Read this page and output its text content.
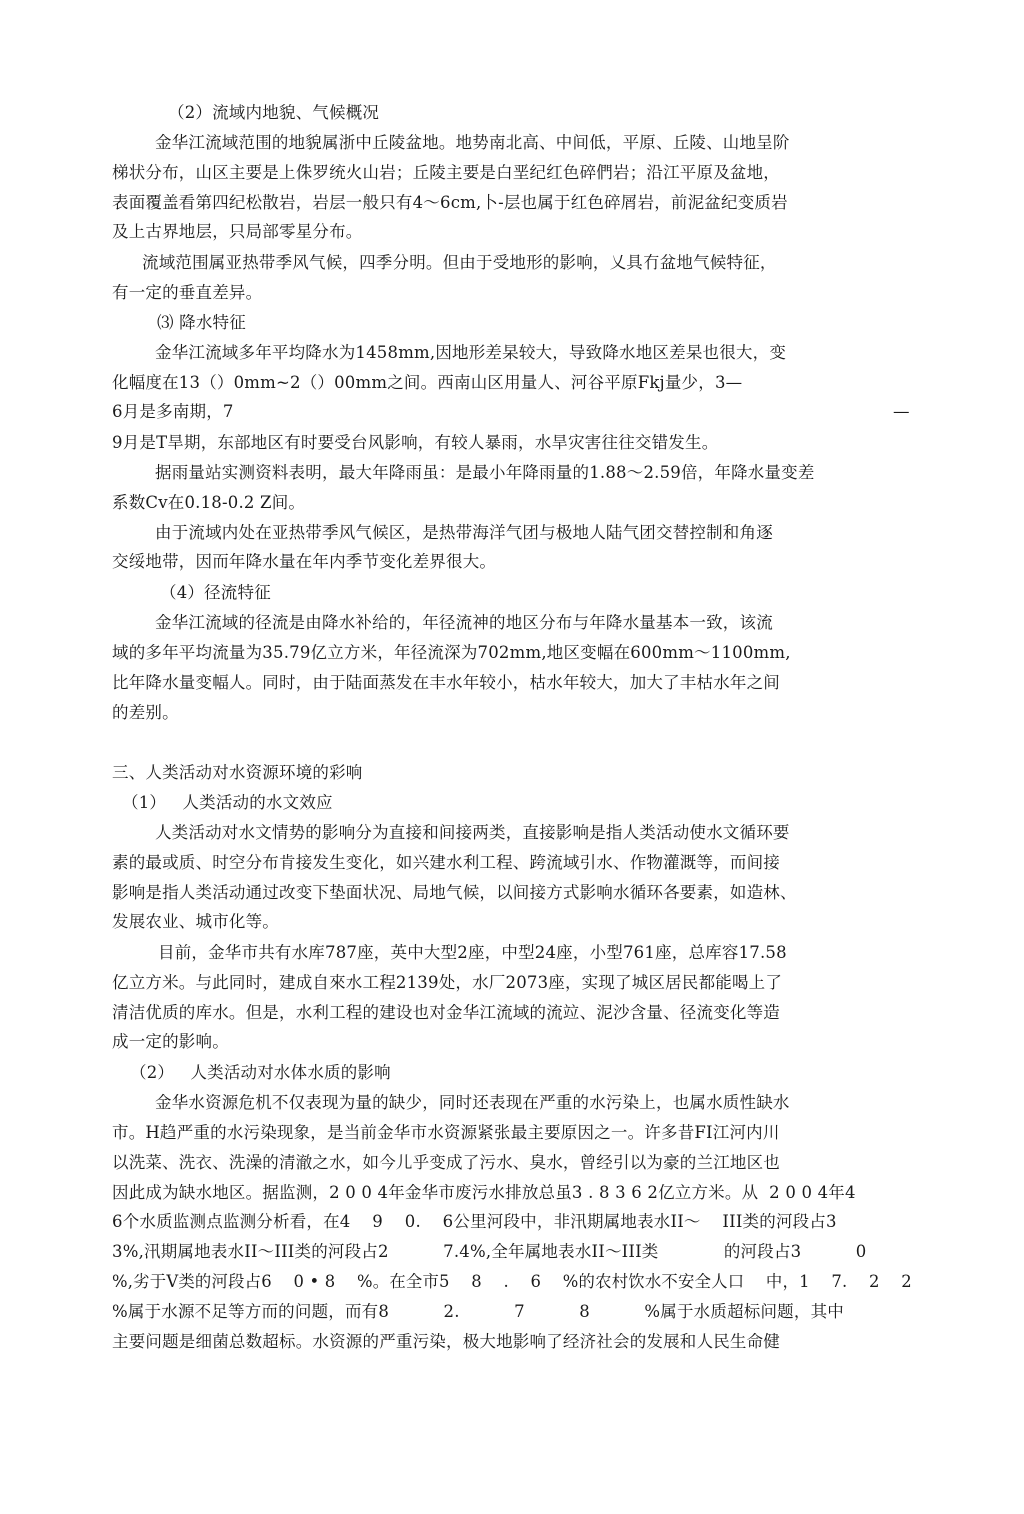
（2）流域内地貌、气候概况
金华江流域范围的地貌属浙中丘陵盆地。地势南北高、中间低，平原、丘陵、山地呈阶
梯状分布，山区主要是上侏罗统火山岩；丘陵主要是白垩纪红色碎們岩；沿江平原及盆地，
表面覆盖看第四纪松散岩，岩层一般只有4～6cm,卜-层也属于红色碎屑岩，前泥盆纪变质岩
及上古界地层，只局部零星分布。
流域范围属亚热带季风气候，四季分明。但由于受地形的影响，乂具冇盆地气候特征，
有一定的垂直差异。
⑶ 降水特征
金华江流域多年平均降水为1458mm,因地形差杲较大，导致降水地区差杲也很大，变
化幅度在13（）0mm~2（）00mm之间。西南山区用量人、河谷平原Fkj量少，3—
6月是多南期，7	—
9月是T旱期，东部地区有时要受台风影响，有较人暴雨，水旱灾害往往交错发生。
据雨量站实测资料表明，最大年降雨虽：是最小年降雨量的1.88～2.59倍，年降水量变差
系数Cv在0.18-0.2 Z间。
由于流域内处在亚热带季风气候区，是热带海洋气团与极地人陆气团交替控制和角逐
交绥地带，因而年降水量在年内季节变化差界很大。
（4）径流特征
金华江流域的径流是由降水补给的，年径流神的地区分布与年降水量基本一致，该流
域的多年平均流量为35.79亿立方米，年径流深为702mm,地区变幅在600mm～1100mm,
比年降水量变幅人。同时，由于陆面蒸发在丰水年较小，枯水年较大，加大了丰枯水年之间
的差别。
三、人类活动对水资源环境的彩响
（1）   人类活动的水文效应
人类活动对水文情势的影响分为直接和间接两类，直接影响是指人类活动使水文循环要
素的最或质、时空分布肯接发生变化，如兴建水利工程、跨流域引水、作物灌溉等，而间接
影响是指人类活动通过改变下垫面状况、局地气候，以间接方式影响水循环各要素，如造林、
发展农业、城市化等。
目前，金华市共有水库787座，英中大型2座，中型24座，小型761座，总库容17.58
亿立方米。与此同时，建成自來水工程2139处，水厂2073座，实现了城区居民都能喝上了
清洁优质的库水。但是，水利工程的建设也对金华江流域的流竝、泥沙含量、径流变化等造
成一定的影响。
（2）   人类活动对水体水质的影响
金华水资源危机不仅表现为量的缺少，同时还表现在严重的水污染上，也属水质性缺水
市。H趋严重的水污染现象，是当前金华市水资源紧张最主要原因之一。许多昔FI江河内川
以洗菜、洗衣、洗澡的清澈之水，如今儿乎变成了污水、臭水，曾经引以为豪的兰江地区也
因此成为缺水地区。据监测，2 0 0 4年金华市废污水排放总虽3 . 8 3 6 2亿立方米。从  2 0 0 4年4
6个水质监测点监测分析看，在4    9    0.    6公里河段中，非汛期属地表水II～    III类的河段占3
3%,汛期属地表水II～III类的河段占2          7.4%,全年属地表水II～III类            的河段占3          0
%,劣于V类的河段占6    0 • 8    %。在全市5    8    .    6    %的农村饮水不安全人口    中，1    7.    2    2
%属于水源不足等方而的问题，而有8          2.          7          8          %属于水质超标问题，其中
主要问题是细菌总数超标。水资源的严重污染，极大地影响了经济社会的发展和人民生命健
